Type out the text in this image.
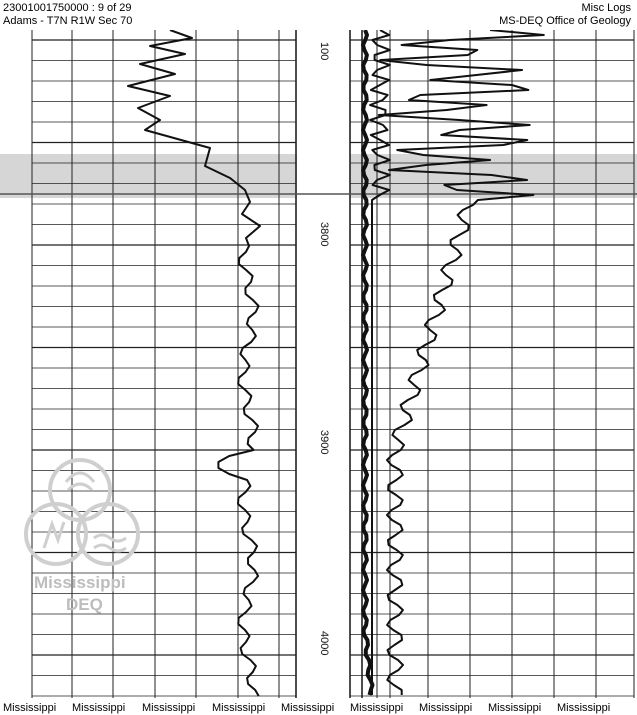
23001001750000 : 9 of 29
Adams - T7N R1W Sec 70
Misc Logs
MS-DEQ Office of Geology
100
3800
3900
4000
Mississippi
DEQ
Mississippi Mississippi Mississippi Mississippi Mississippi Mississippi Mississippi Mississippi Mississippi
